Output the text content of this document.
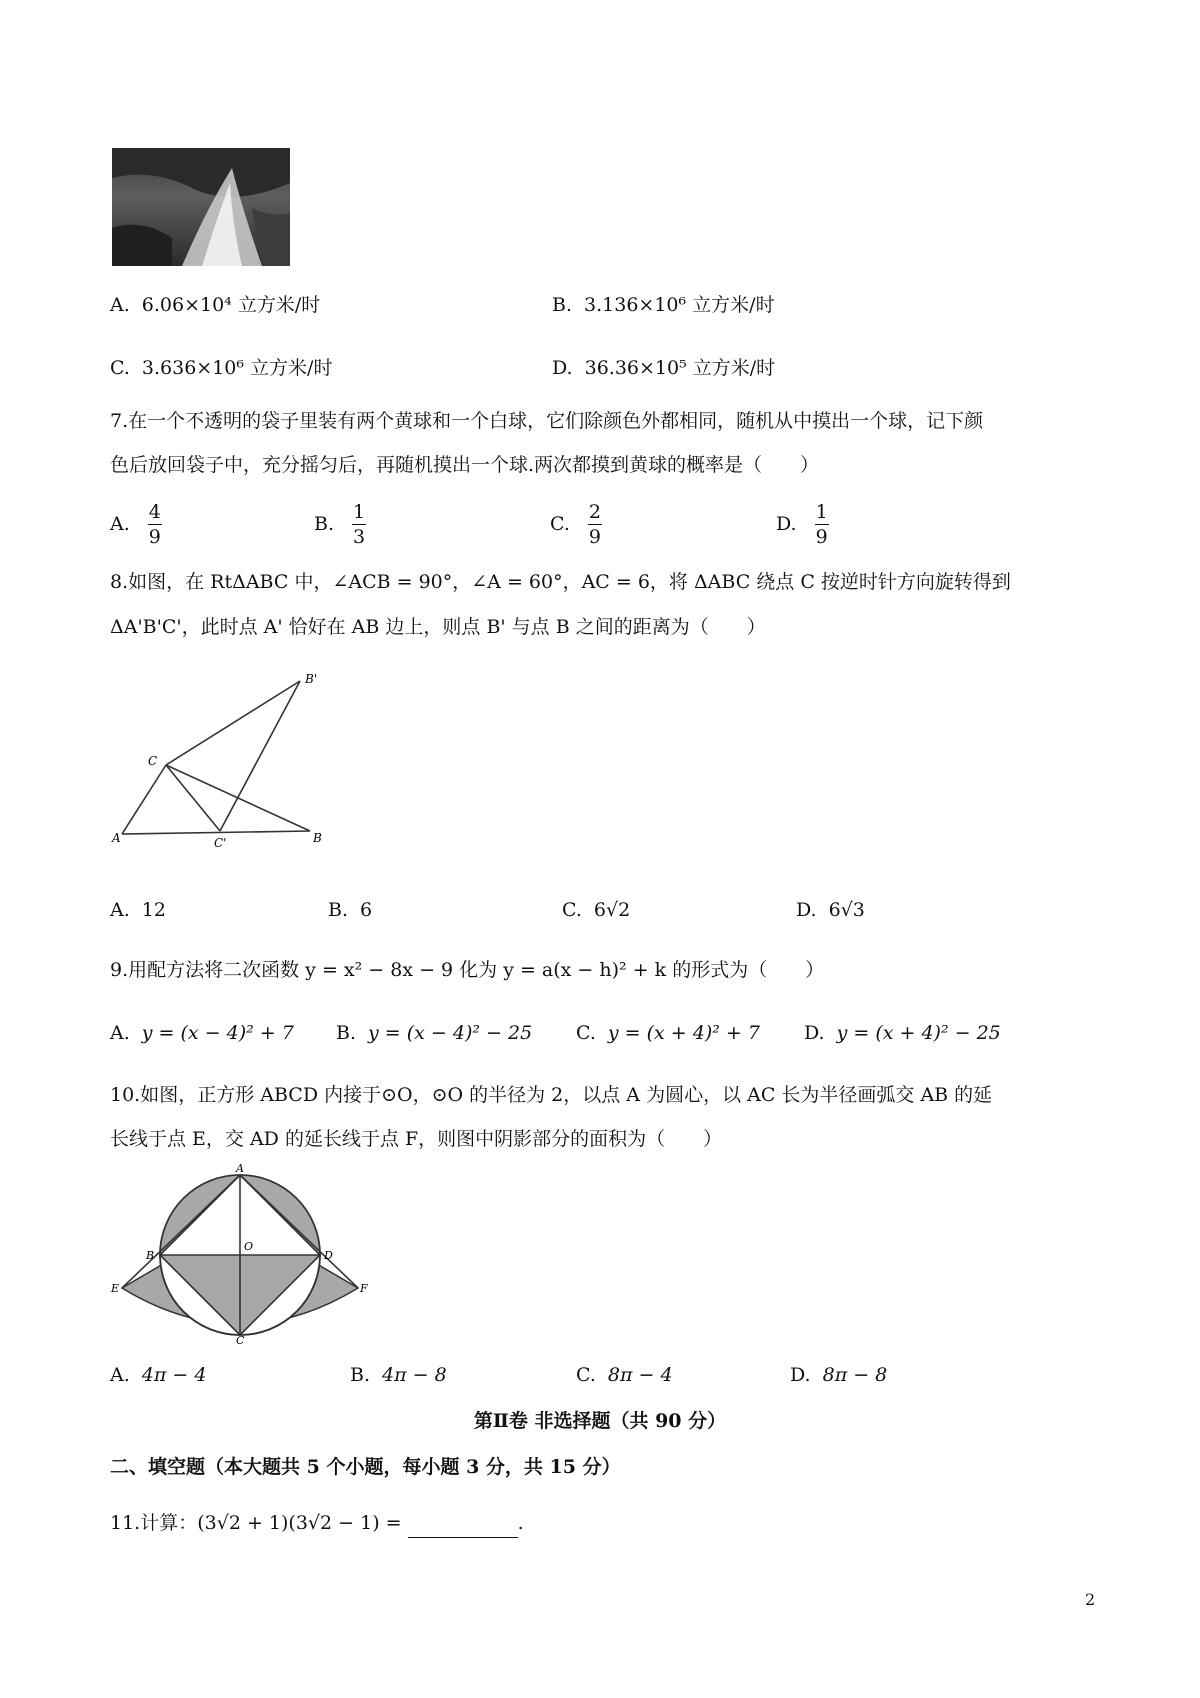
A. 6.06×10⁴ 立方米/时	B. 3.136×10⁶ 立方米/时
C. 3.636×10⁶ 立方米/时	D. 36.36×10⁵ 立方米/时
7.在一个不透明的袋子里装有两个黄球和一个白球，它们除颜色外都相同，随机从中摸出一个球，记下颜
色后放回袋子中，充分摇匀后，再随机摸出一个球.两次都摸到黄球的概率是（　　）
A. $\frac{4}{9}$	B. $\frac{1}{3}$	C. $\frac{2}{9}$	D. $\frac{1}{9}$
8.如图，在 RtΔABC 中，∠ACB = 90°，∠A = 60°，AC = 6，将 ΔABC 绕点 C 按逆时针方向旋转得到
ΔA'B'C'，此时点 A' 恰好在 AB 边上，则点 B' 与点 B 之间的距离为（　　）
C
A	C'	B
B'
A. 12	B. 6	C. 6√2	D. 6√3
9.用配方法将二次函数 y = x² − 8x − 9 化为 y = a(x − h)² + k 的形式为（　　）
A. y = (x − 4)² + 7 B. y = (x − 4)² − 25 C. y = (x + 4)² + 7 D. y = (x + 4)² − 25
10.如图，正方形 ABCD 内接于⊙O，⊙O 的半径为 2，以点 A 为圆心，以 AC 长为半径画弧交 AB 的延
长线于点 E，交 AD 的延长线于点 F，则图中阴影部分的面积为（　　）
A
O
B	D
E	F
C
A. 4π − 4	B. 4π − 8	C. 8π − 4	D. 8π − 8
第Ⅱ卷 非选择题（共 90 分）
二、填空题（本大题共 5 个小题，每小题 3 分，共 15 分）
11.计算：(3√2 + 1)(3√2 − 1) =	.
2
